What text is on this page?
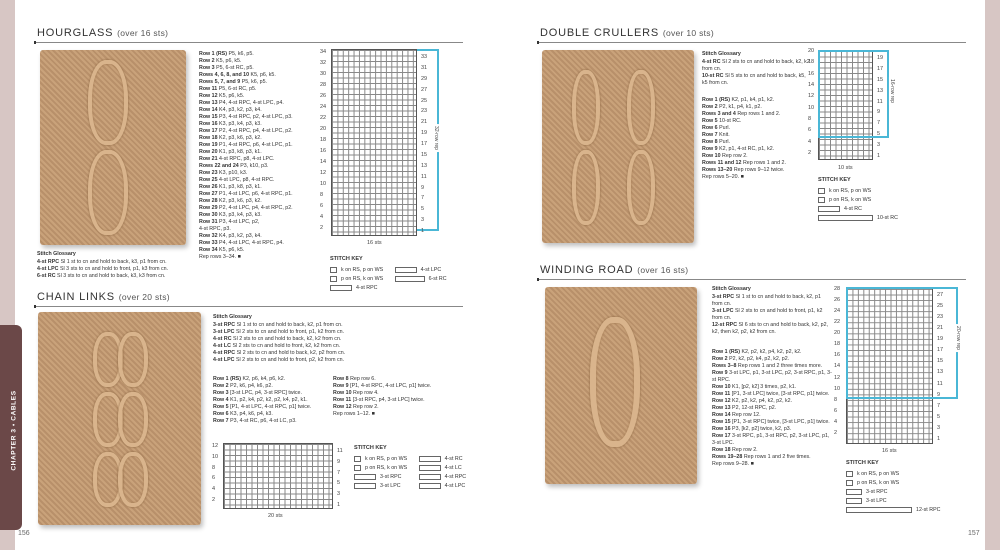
CHAPTER 3 • CABLES
156	157
HOURGLASS (over 16 sts)
Row 1 (RS) P5, k6, p5.
Row 2 K5, p6, k5.
Row 3 P5, 6-st RC, p5.
Rows 4, 6, 8, and 10 K5, p6, k5.
Rows 5, 7, and 9 P5, k6, p5.
Row 11 P5, 6-st RC, p5.
Row 12 K5, p6, k5.
Row 13 P4, 4-st RPC, 4-st LPC, p4.
Row 14 K4, p3, k2, p3, k4.
Row 15 P3, 4-st RPC, p2, 4-st LPC, p3.
Row 16 K3, p3, k4, p3, k3.
Row 17 P2, 4-st RPC, p4, 4-st LPC, p2.
Row 18 K2, p3, k6, p3, k2.
Row 19 P1, 4-st RPC, p6, 4-st LPC, p1.
Row 20 K1, p3, k8, p3, k1.
Row 21 4-st RPC, p8, 4-st LPC.
Rows 22 and 24 P3, k10, p3.
Row 23 K3, p10, k3.
Row 25 4-st LPC, p8, 4-st RPC.
Row 26 K1, p3, k8, p3, k1.
Row 27 P1, 4-st LPC, p6, 4-st RPC, p1.
Row 28 K2, p3, k6, p3, k2.
Row 29 P2, 4-st LPC, p4, 4-st RPC, p2.
Row 30 K3, p3, k4, p3, k3.
Row 31 P3, 4-st LPC, p2,
4-st RPC, p3.
Row 32 K4, p3, k2, p3, k4.
Row 33 P4, 4-st LPC, 4-st RPC, p4.
Row 34 K5, p6, k5.
Rep rows 3–34. ■
Stitch Glossary
4-st RPC Sl 1 st to cn and hold to back, k3, p1 from cn.
4-st LPC Sl 3 sts to cn and hold to front, p1, k3 from cn.
6-st RC Sl 3 sts to cn and hold to back, k3, k3 from cn.
34
32
30
28
26
24
22
20
18
16
14
12
10
8
6
4
2
33
31
29
27
25
23
21
19
17
15
13
11
9
7
5
3
1
32-row rep
16 sts
STITCH KEY
k on RS, p on WS
p on RS, k on WS
4-st RPC

4-st LPC
6-st RC
CHAIN LINKS (over 20 sts)
Stitch Glossary
3-st RPC Sl 1 st to cn and hold to back, k2, p1 from cn.
3-st LPC Sl 2 sts to cn and hold to front, p1, k2 from cn.
4-st RC Sl 2 sts to cn and hold to back, k2, k2 from cn.
4-st LC Sl 2 sts to cn and hold to front, k2, k2 from cn.
4-st RPC Sl 2 sts to cn and hold to back, k2, p2 from cn.
4-st LPC Sl 2 sts to cn and hold to front, p2, k2 from cn.
Row 1 (RS) K2, p6, k4, p6, k2.
Row 2 P2, k6, p4, k6, p2.
Row 3 [3-st LPC, p4, 3-st RPC] twice.
Row 4 K1, p2, k4, p2, k2, p2, k4, p2, k1.
Row 5 [P1, 4-st LPC, 4-st RPC, p1] twice.
Row 6 K3, p4, k6, p4, k3.
Row 7 P3, 4-st RC, p6, 4-st LC, p3.
Row 8 Rep row 6.
Row 9 [P1, 4-st RPC, 4-st LPC, p1] twice.
Row 10 Rep row 4.
Row 11 [3-st RPC, p4, 3-st LPC] twice.
Row 12 Rep row 2.
Rep rows 1–12. ■
12
10
8
6
4
2
11
9
7
5
3
1
20 sts
STITCH KEY
k on RS, p on WS
p on RS, k on WS
3-st RPC
3-st LPC

4-st RC
4-st LC
4-st RPC
4-st LPC
DOUBLE CRULLERS (over 10 sts)
Stitch Glossary
4-st RC Sl 2 sts to cn and hold to back, k2, k2 from cn.
10-st RC Sl 5 sts to cn and hold to back, k5, k5 from cn.
Row 1 (RS) K2, p1, k4, p1, k2.
Row 2 P2, k1, p4, k1, p2.
Rows 3 and 4 Rep rows 1 and 2.
Row 5 10-st RC.
Row 6 Purl.
Row 7 Knit.
Row 8 Purl.
Row 9 K2, p1, 4-st RC, p1, k2.
Row 10 Rep row 2.
Rows 11 and 12 Rep rows 1 and 2.
Rows 13–20 Rep rows 9–12 twice.
Rep rows 5–20. ■
20
18
16
14
12
10
8
6
4
2
19
17
15
13
11
9
7
5
3
1
16-row rep
10 sts
STITCH KEY
k on RS, p on WS
p on RS, k on WS
4-st RC
10-st RC
WINDING ROAD (over 16 sts)
Stitch Glossary
3-st RPC Sl 1 st to cn and hold to back, k2, p1 from cn.
3-st LPC Sl 2 sts to cn and hold to front, p1, k2 from cn.
12-st RPC Sl 6 sts to cn and hold to back, k2, p2, k2, then k2, p2, k2 from cn.
Row 1 (RS) K2, p2, k2, p4, k2, p2, k2.
Row 2 P2, k2, p2, k4, p2, k2, p2.
Rows 3–8 Rep rows 1 and 2 three times more.
Row 9 3-st LPC, p1, 3-st LPC, p2, 3-st RPC, p1, 3-st RPC.
Row 10 K1, [p2, k2] 3 times, p2, k1.
Row 11 [P1, 3-st LPC] twice, [3-st RPC, p1] twice.
Row 12 K2, p2, k2, p4, k2, p2, k2.
Row 13 P2, 12-st RPC, p2.
Row 14 Rep row 12.
Row 15 [P1, 3-st RPC] twice, [3-st LPC, p1] twice.
Row 16 P3, [k2, p2] twice, k2, p3.
Row 17 3-st RPC, p1, 3-st RPC, p2, 3-st LPC, p1, 3-st LPC.
Row 18 Rep row 2.
Rows 19–28 Rep rows 1 and 2 five times.
Rep rows 9–28. ■
28
26
24
22
20
18
16
14
12
10
8
6
4
2
27
25
23
21
19
17
15
13
11
9
7
5
3
1
20-row rep
16 sts
STITCH KEY
k on RS, p on WS
p on RS, k on WS
3-st RPC
3-st LPC
12-st RPC
